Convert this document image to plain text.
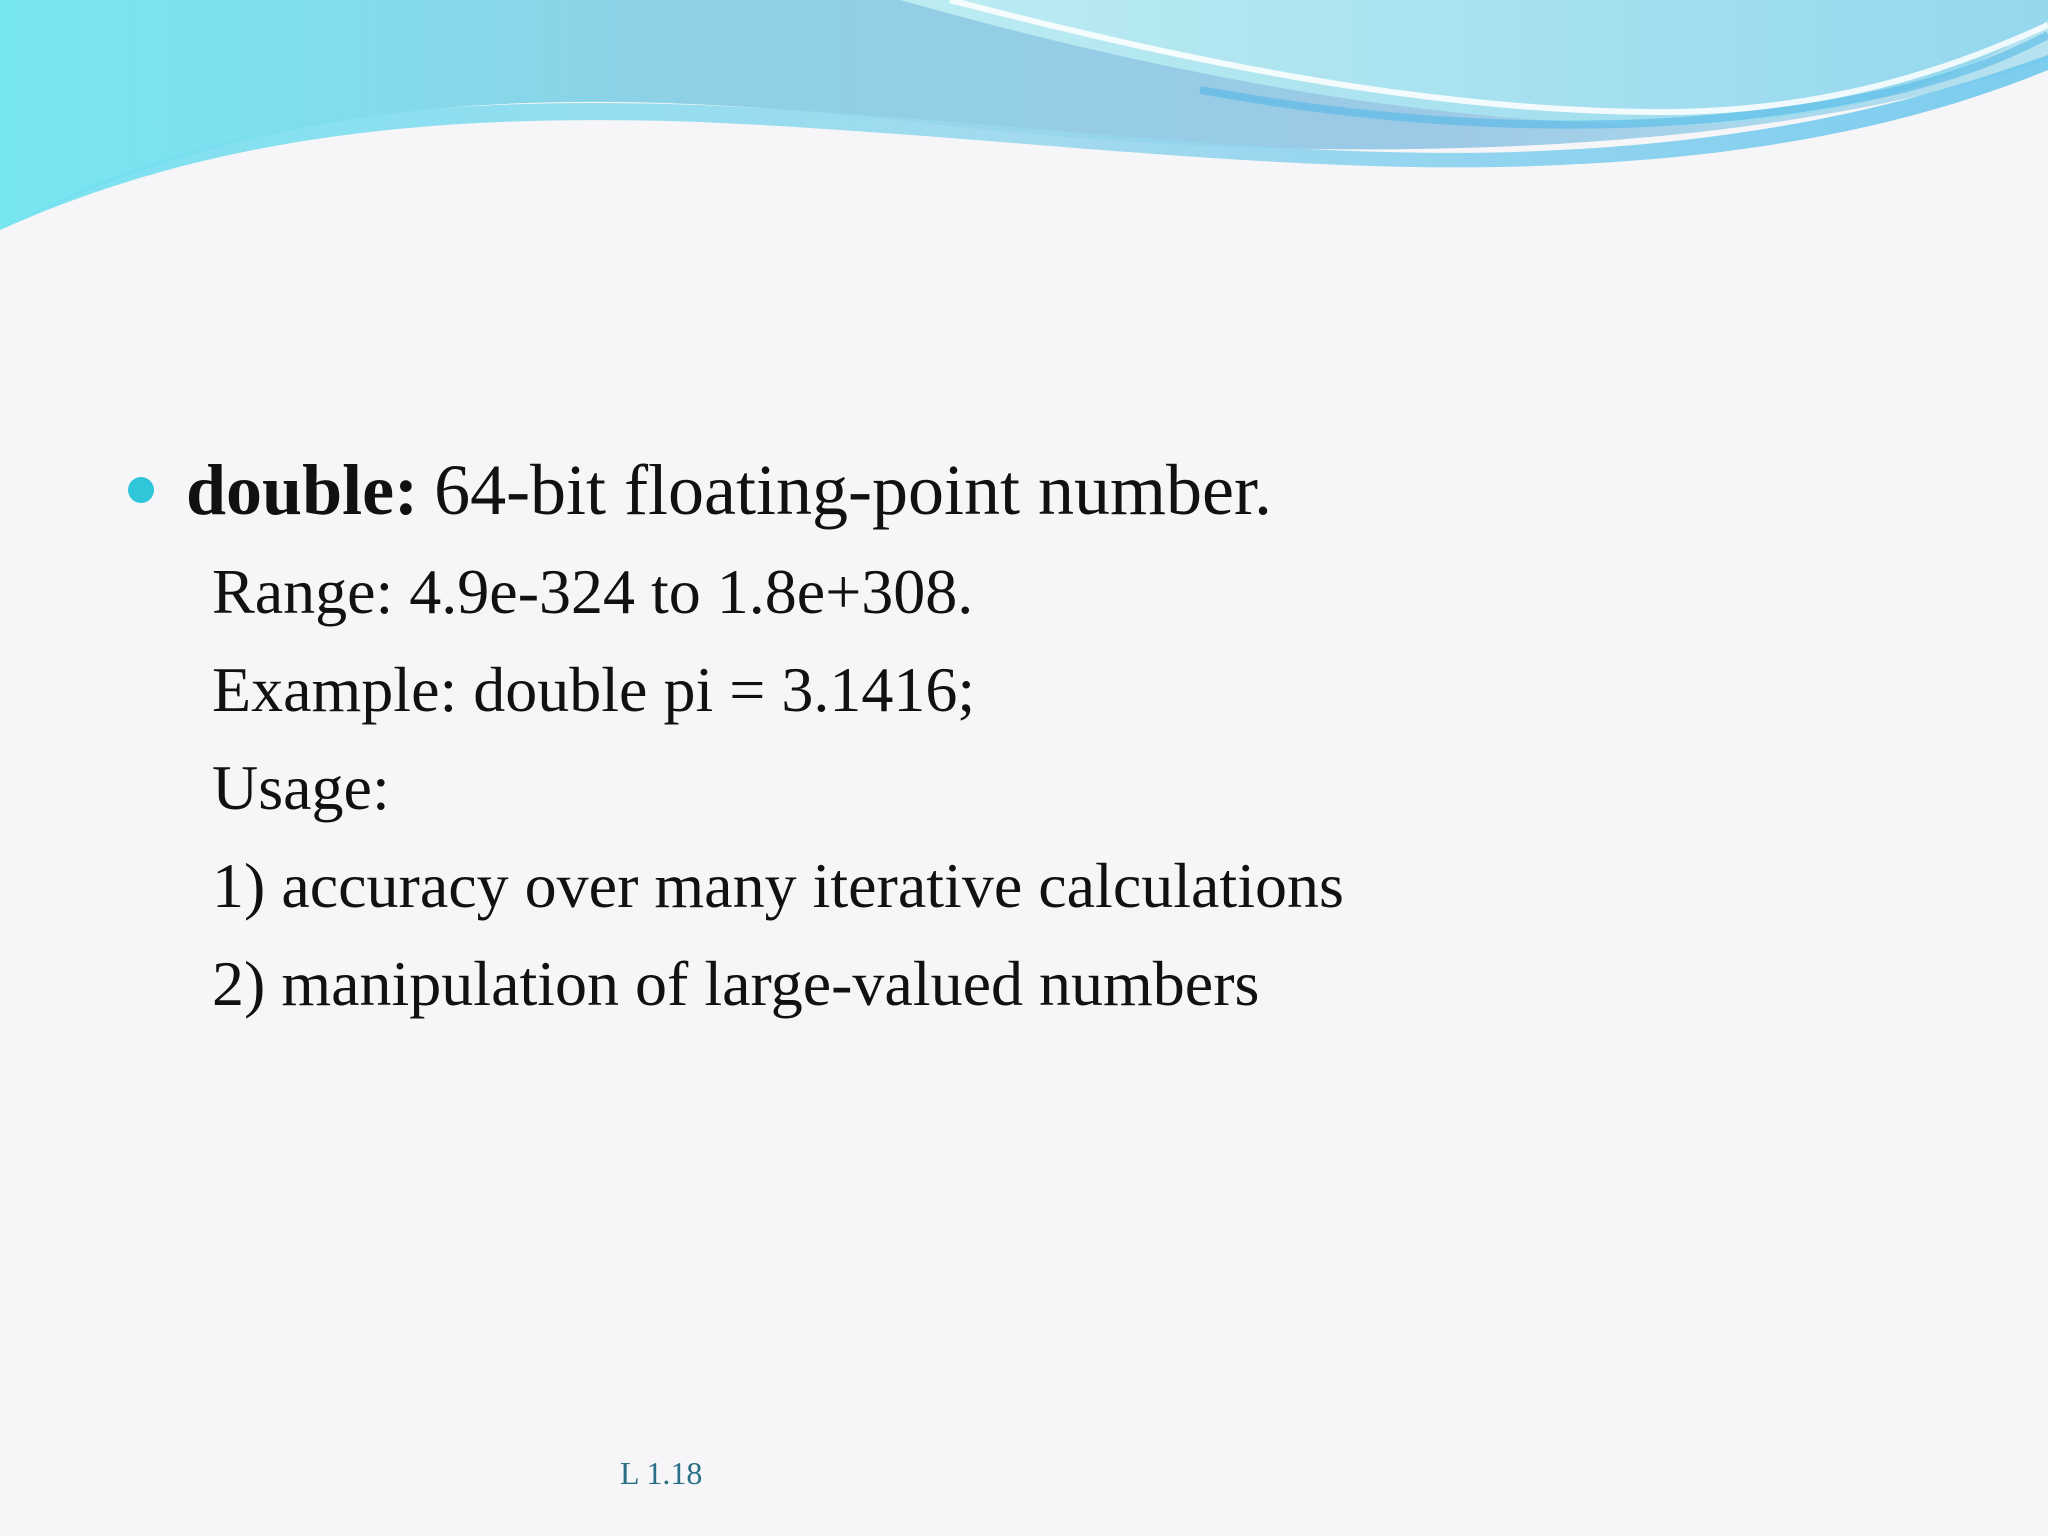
double: 64-bit floating-point number.
Range: 4.9e-324 to 1.8e+308.
Example: double pi = 3.1416;
Usage:
1) accuracy over many iterative calculations
2) manipulation of large-valued numbers
L 1.18
